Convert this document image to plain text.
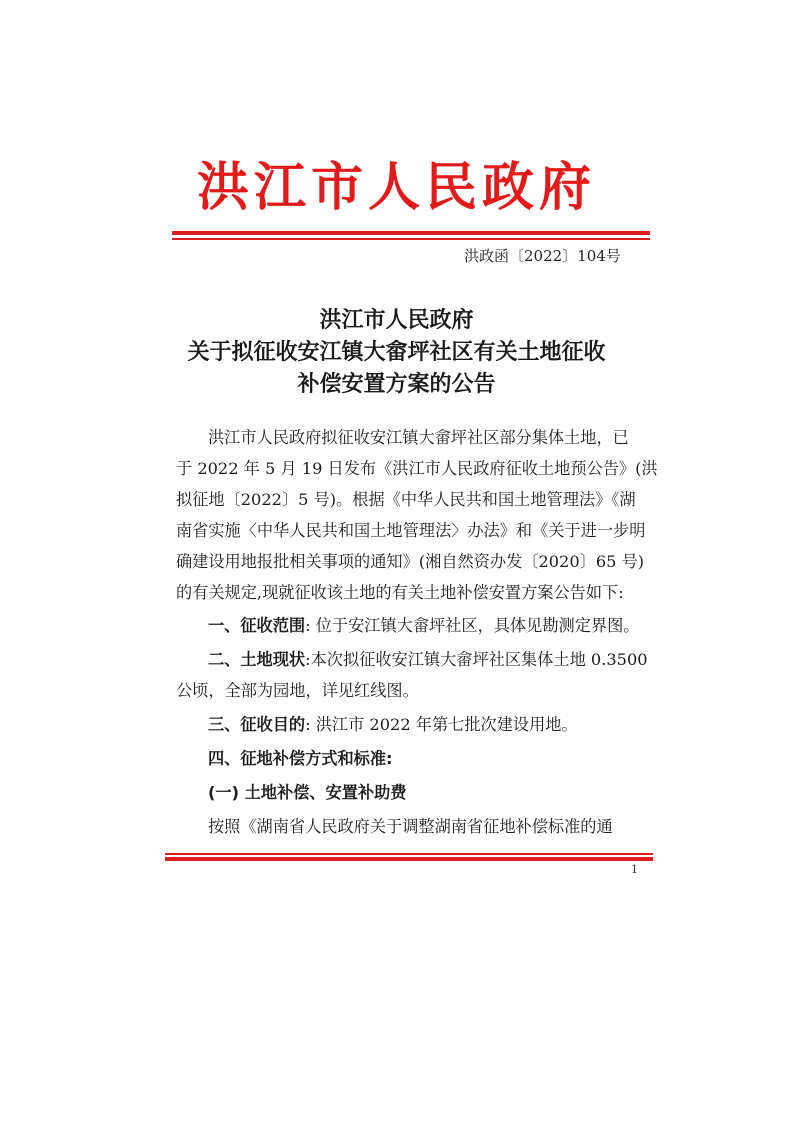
洪江市人民政府
洪政函〔2022〕104号
洪江市人民政府
关于拟征收安江镇大畲坪社区有关土地征收
补偿安置方案的公告
洪江市人民政府拟征收安江镇大畲坪社区部分集体土地，已
于 2022 年 5 月 19 日发布《洪江市人民政府征收土地预公告》(洪
拟征地〔2022〕5 号)。根据《中华人民共和国土地管理法》《湖
南省实施〈中华人民共和国土地管理法〉办法》和《关于进一步明
确建设用地报批相关事项的通知》(湘自然资办发〔2020〕65 号)
的有关规定,现就征收该土地的有关土地补偿安置方案公告如下:
一、征收范围: 位于安江镇大畲坪社区，具体见勘测定界图。
二、土地现状:本次拟征收安江镇大畲坪社区集体土地 0.3500
公顷，全部为园地，详见红线图。
三、征收目的: 洪江市 2022 年第七批次建设用地。
四、征地补偿方式和标准:
(一) 土地补偿、安置补助费
按照《湖南省人民政府关于调整湖南省征地补偿标准的通
1
